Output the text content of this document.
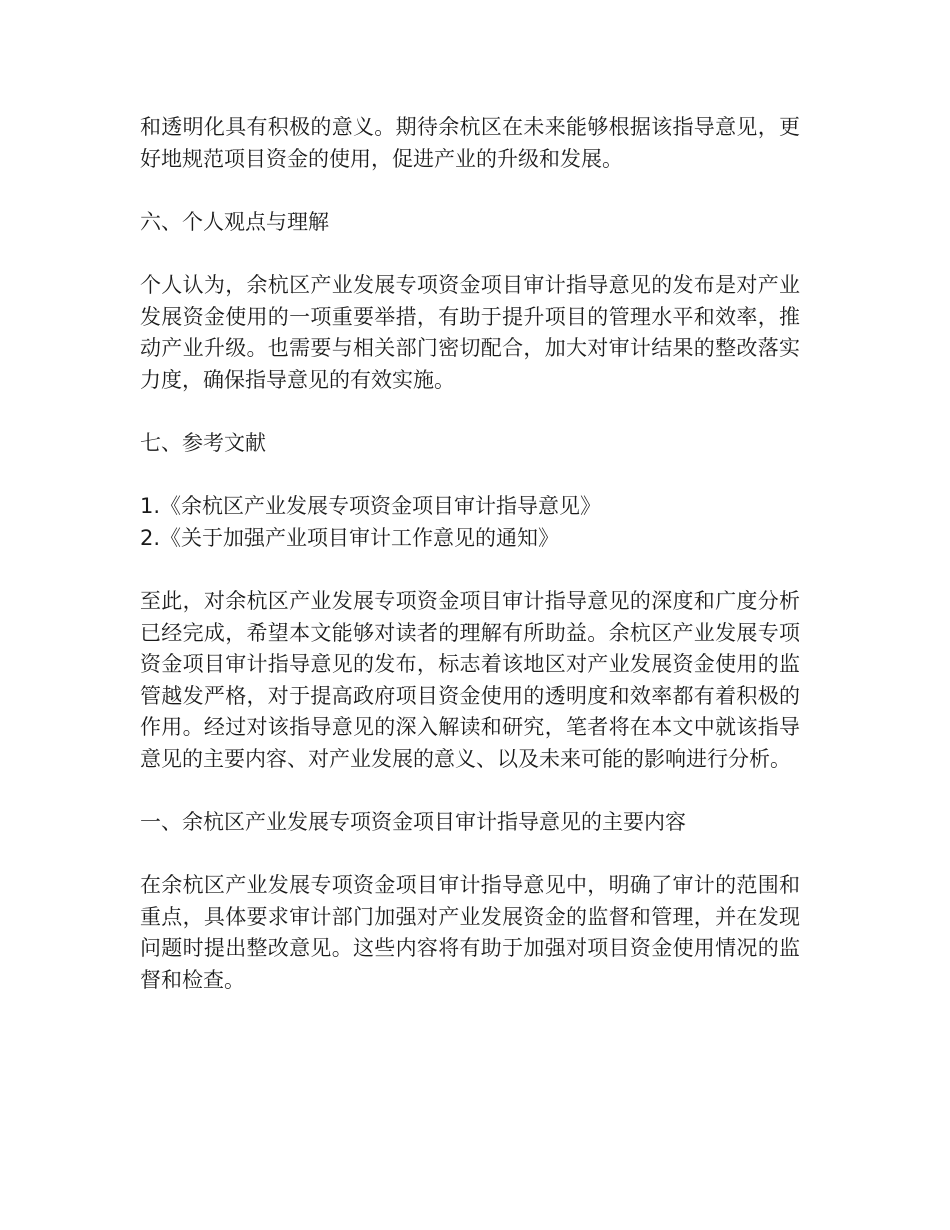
和透明化具有积极的意义。期待余杭区在未来能够根据该指导意见，更好地规范项目资金的使用，促进产业的升级和发展。

六、个人观点与理解

个人认为，余杭区产业发展专项资金项目审计指导意见的发布是对产业发展资金使用的一项重要举措，有助于提升项目的管理水平和效率，推动产业升级。也需要与相关部门密切配合，加大对审计结果的整改落实力度，确保指导意见的有效实施。

七、参考文献

1.《余杭区产业发展专项资金项目审计指导意见》
2.《关于加强产业项目审计工作意见的通知》

至此，对余杭区产业发展专项资金项目审计指导意见的深度和广度分析已经完成，希望本文能够对读者的理解有所助益。余杭区产业发展专项资金项目审计指导意见的发布，标志着该地区对产业发展资金使用的监管越发严格，对于提高政府项目资金使用的透明度和效率都有着积极的作用。经过对该指导意见的深入解读和研究，笔者将在本文中就该指导意见的主要内容、对产业发展的意义、以及未来可能的影响进行分析。

一、余杭区产业发展专项资金项目审计指导意见的主要内容

在余杭区产业发展专项资金项目审计指导意见中，明确了审计的范围和重点，具体要求审计部门加强对产业发展资金的监督和管理，并在发现问题时提出整改意见。这些内容将有助于加强对项目资金使用情况的监督和检查。
